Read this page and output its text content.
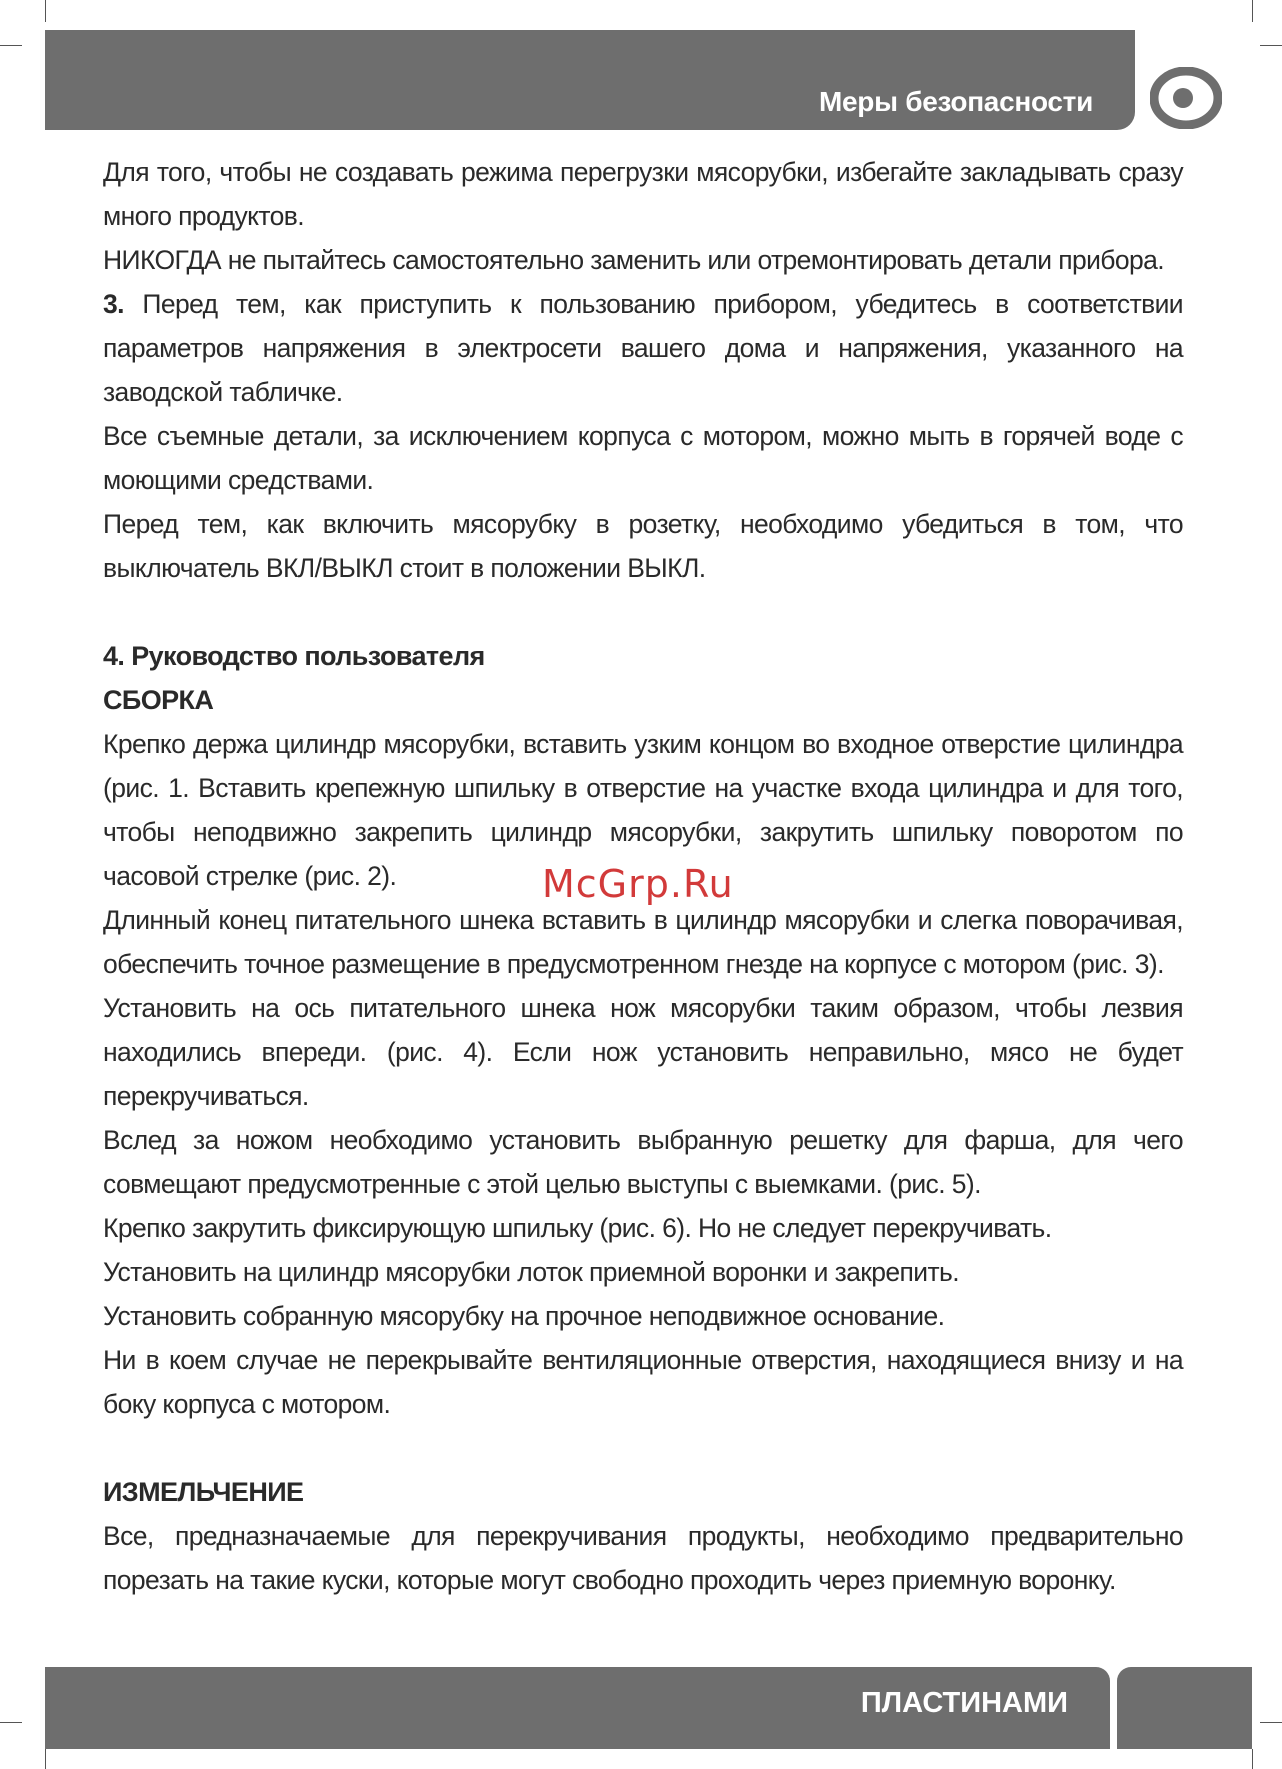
Меры безопасности

Для того, чтобы не создавать режима перегрузки мясорубки, избегайте закладывать сразу много продуктов.

НИКОГДА не пытайтесь самостоятельно заменить или отремонтировать детали прибора.

3. Перед тем, как приступить к пользованию прибором, убедитесь в соответствии параметров напряжения в электросети вашего дома и напряжения, указанного на заводской табличке.

Все съемные детали, за исключением корпуса с мотором, можно мыть в горячей воде с моющими средствами.

Перед тем, как включить мясорубку в розетку, необходимо убедиться в том, что выключатель ВКЛ/ВЫКЛ стоит в положении ВЫКЛ.

4. Руководство пользователя

СБОРКА

Крепко держа цилиндр мясорубки, вставить узким концом во входное отверстие цилиндра (рис. 1. Вставить крепежную шпильку в отверстие на участке входа цилиндра и для того, чтобы неподвижно закрепить цилиндр мясорубки, закрутить шпильку поворотом по часовой стрелке (рис. 2).

Длинный конец питательного шнека вставить в цилиндр мясорубки и слегка поворачивая, обеспечить точное размещение в предусмотренном гнезде на корпусе с мотором (рис. 3).

Установить на ось питательного шнека нож мясорубки таким образом, чтобы лезвия находились впереди. (рис. 4). Если нож установить неправильно, мясо не будет перекручиваться.

Вслед за ножом необходимо установить выбранную решетку для фарша, для чего совмещают предусмотренные с этой целью выступы с выемками. (рис. 5).

Крепко закрутить фиксирующую шпильку (рис. 6). Но не следует перекручивать.

Установить на цилиндр мясорубки лоток приемной воронки и закрепить.

Установить собранную мясорубку на прочное неподвижное основание.

Ни в коем случае не перекрывайте вентиляционные отверстия, находящиеся внизу и на боку корпуса с мотором.

ИЗМЕЛЬЧЕНИЕ

Все, предназначаемые для перекручивания продукты, необходимо предварительно порезать на такие куски, которые могут свободно проходить через приемную воронку.

McGrp.Ru
ПЛАСТИНАМИ
